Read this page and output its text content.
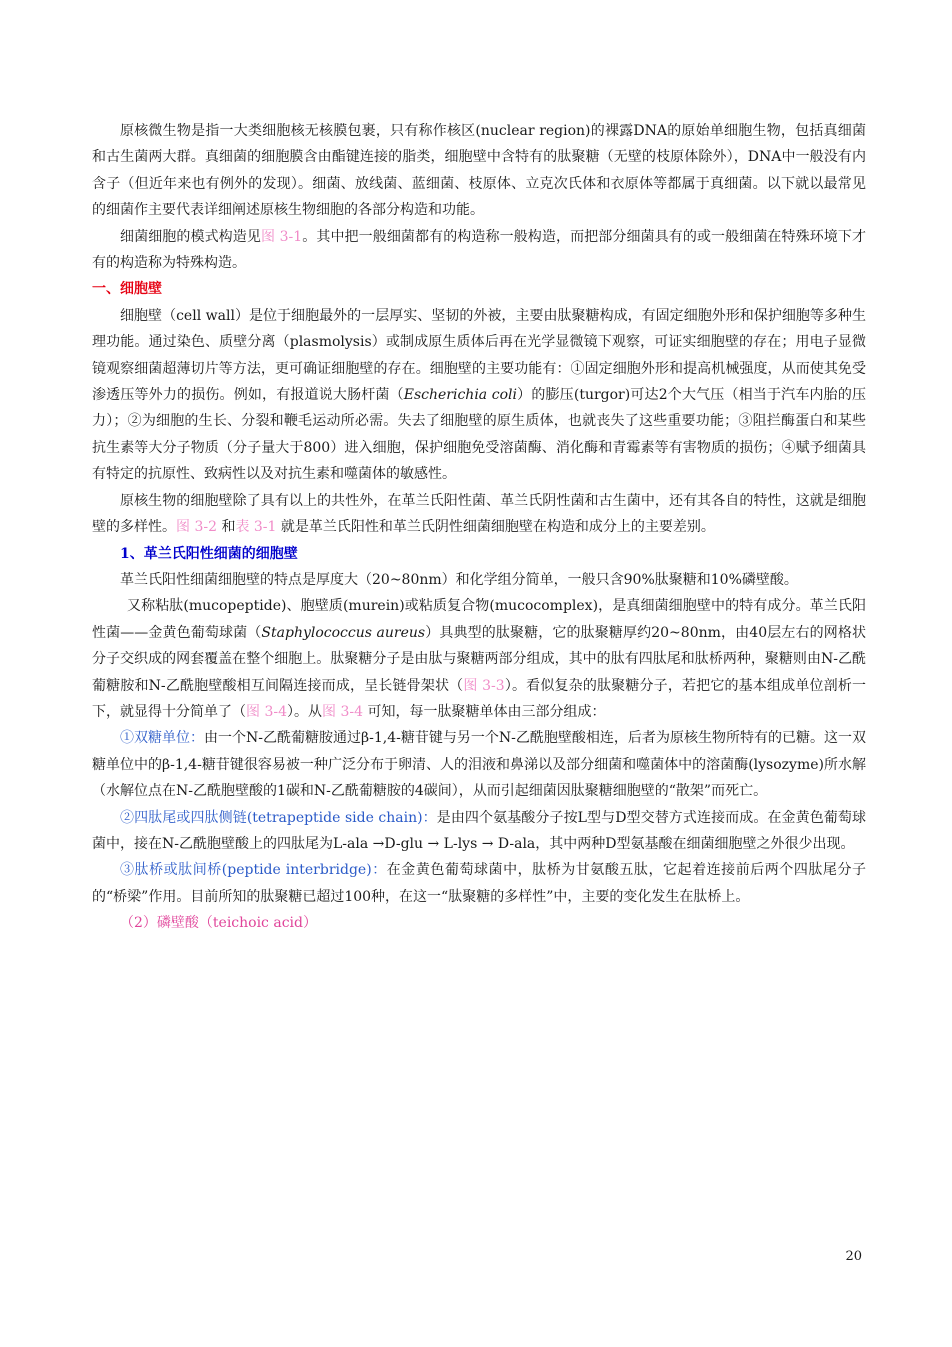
原核微生物是指一大类细胞核无核膜包裹，只有称作核区(nuclear region)的裸露DNA的原始单细胞生物，包括真细菌和古生菌两大群。真细菌的细胞膜含由酯键连接的脂类，细胞壁中含特有的肽聚糖（无壁的枝原体除外），DNA中一般没有内含子（但近年来也有例外的发现）。细菌、放线菌、蓝细菌、枝原体、立克次氏体和衣原体等都属于真细菌。以下就以最常见的细菌作主要代表详细阐述原核生物细胞的各部分构造和功能。

细菌细胞的模式构造见图 3-1。其中把一般细菌都有的构造称一般构造，而把部分细菌具有的或一般细菌在特殊环境下才有的构造称为特殊构造。

一、细胞壁

细胞壁（cell wall）是位于细胞最外的一层厚实、坚韧的外被，主要由肽聚糖构成，有固定细胞外形和保护细胞等多种生理功能。通过染色、质壁分离（plasmolysis）或制成原生质体后再在光学显微镜下观察，可证实细胞壁的存在；用电子显微镜观察细菌超薄切片等方法，更可确证细胞壁的存在。细胞壁的主要功能有：①固定细胞外形和提高机械强度，从而使其免受渗透压等外力的损伤。例如，有报道说大肠杆菌（Escherichia coli）的膨压(turgor)可达2个大气压（相当于汽车内胎的压力）；②为细胞的生长、分裂和鞭毛运动所必需。失去了细胞壁的原生质体，也就丧失了这些重要功能；③阻拦酶蛋白和某些抗生素等大分子物质（分子量大于800）进入细胞，保护细胞免受溶菌酶、消化酶和青霉素等有害物质的损伤；④赋予细菌具有特定的抗原性、致病性以及对抗生素和噬菌体的敏感性。

原核生物的细胞壁除了具有以上的共性外，在革兰氏阳性菌、革兰氏阴性菌和古生菌中，还有其各自的特性，这就是细胞壁的多样性。图 3-2 和表 3-1 就是革兰氏阳性和革兰氏阴性细菌细胞壁在构造和成分上的主要差别。

1、革兰氏阳性细菌的细胞壁

革兰氏阳性细菌细胞壁的特点是厚度大（20~80nm）和化学组分简单，一般只含90%肽聚糖和10%磷壁酸。

又称粘肽(mucopeptide)、胞壁质(murein)或粘质复合物(mucocomplex)，是真细菌细胞壁中的特有成分。革兰氏阳性菌——金黄色葡萄球菌（Staphylococcus aureus）具典型的肽聚糖，它的肽聚糖厚约20~80nm，由40层左右的网格状分子交织成的网套覆盖在整个细胞上。肽聚糖分子是由肽与聚糖两部分组成，其中的肽有四肽尾和肽桥两种，聚糖则由N-乙酰葡糖胺和N-乙酰胞壁酸相互间隔连接而成，呈长链骨架状（图 3-3）。看似复杂的肽聚糖分子，若把它的基本组成单位剖析一下，就显得十分简单了（图 3-4）。从图 3-4 可知，每一肽聚糖单体由三部分组成：

①双糖单位：由一个N-乙酰葡糖胺通过β-1,4-糖苷键与另一个N-乙酰胞壁酸相连，后者为原核生物所特有的已糖。这一双糖单位中的β-1,4-糖苷键很容易被一种广泛分布于卵清、人的泪液和鼻涕以及部分细菌和噬菌体中的溶菌酶(lysozyme)所水解（水解位点在N-乙酰胞壁酸的1碳和N-乙酰葡糖胺的4碳间），从而引起细菌因肽聚糖细胞壁的“散架”而死亡。

②四肽尾或四肽侧链(tetrapeptide side chain)：是由四个氨基酸分子按L型与D型交替方式连接而成。在金黄色葡萄球菌中，接在N-乙酰胞壁酸上的四肽尾为L-ala →D-glu → L-lys → D-ala，其中两种D型氨基酸在细菌细胞壁之外很少出现。

③肽桥或肽间桥(peptide interbridge)：在金黄色葡萄球菌中，肽桥为甘氨酸五肽，它起着连接前后两个四肽尾分子的“桥梁”作用。目前所知的肽聚糖已超过100种，在这一“肽聚糖的多样性”中，主要的变化发生在肽桥上。

（2）磷壁酸（teichoic acid）

20
